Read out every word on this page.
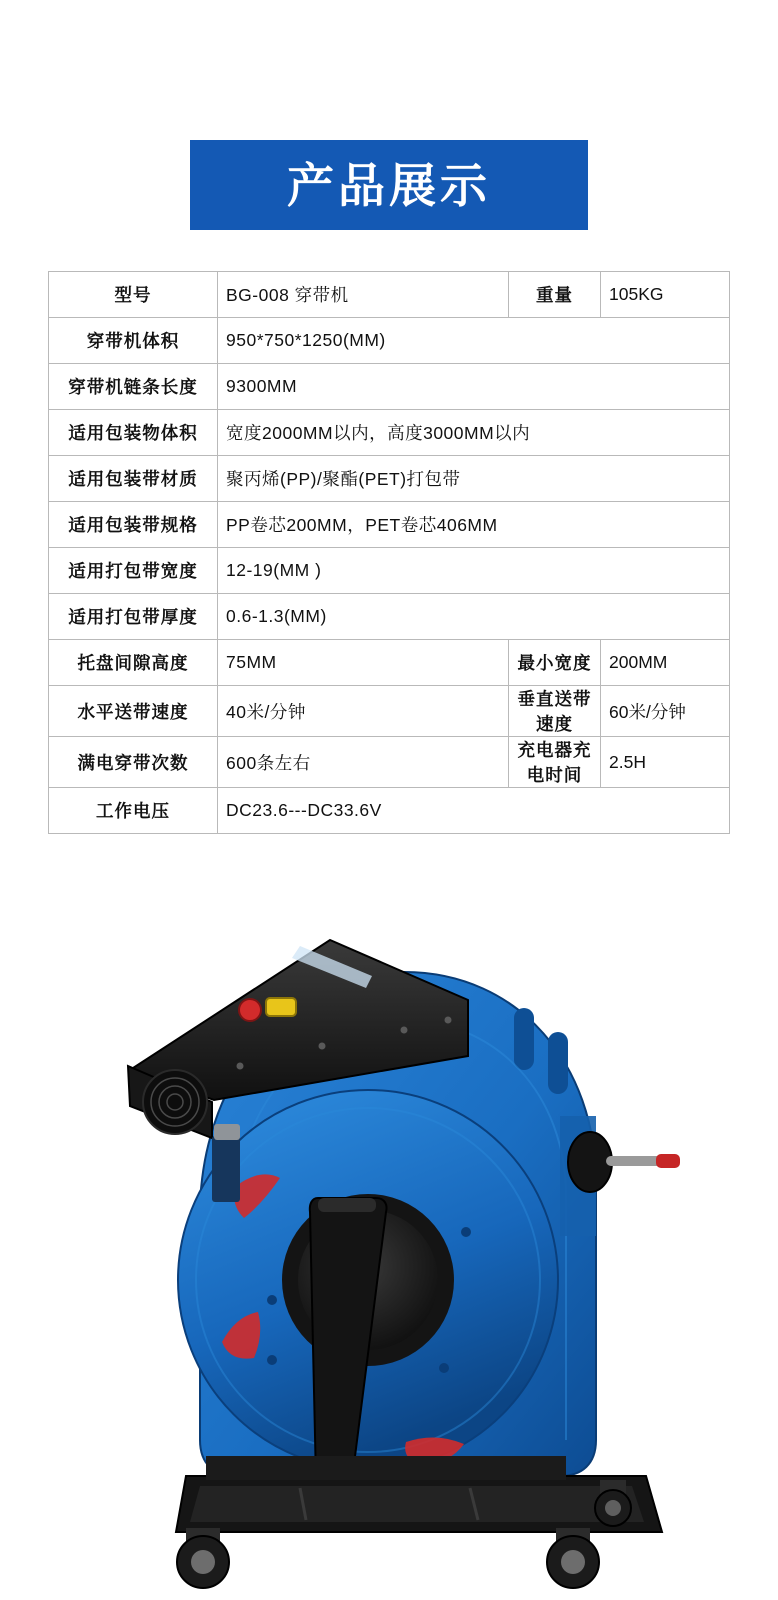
产品展示
型号	BG-008 穿带机	重量	105KG
穿带机体积	950*750*1250(MM)		
穿带机链条长度	9300MM		
适用包装物体积	宽度2000MM以内，高度3000MM以内		
适用包装带材质	聚丙烯(PP)/聚酯(PET)打包带		
适用包装带规格	PP卷芯200MM，PET卷芯406MM		
适用打包带宽度	12-19(MM )		
适用打包带厚度	0.6-1.3(MM)		
托盘间隙高度	75MM	最小宽度	200MM
水平送带速度	40米/分钟	垂直送带速度	60米/分钟
满电穿带次数	600条左右	充电器充电时间	2.5H
工作电压	DC23.6---DC33.6V		
